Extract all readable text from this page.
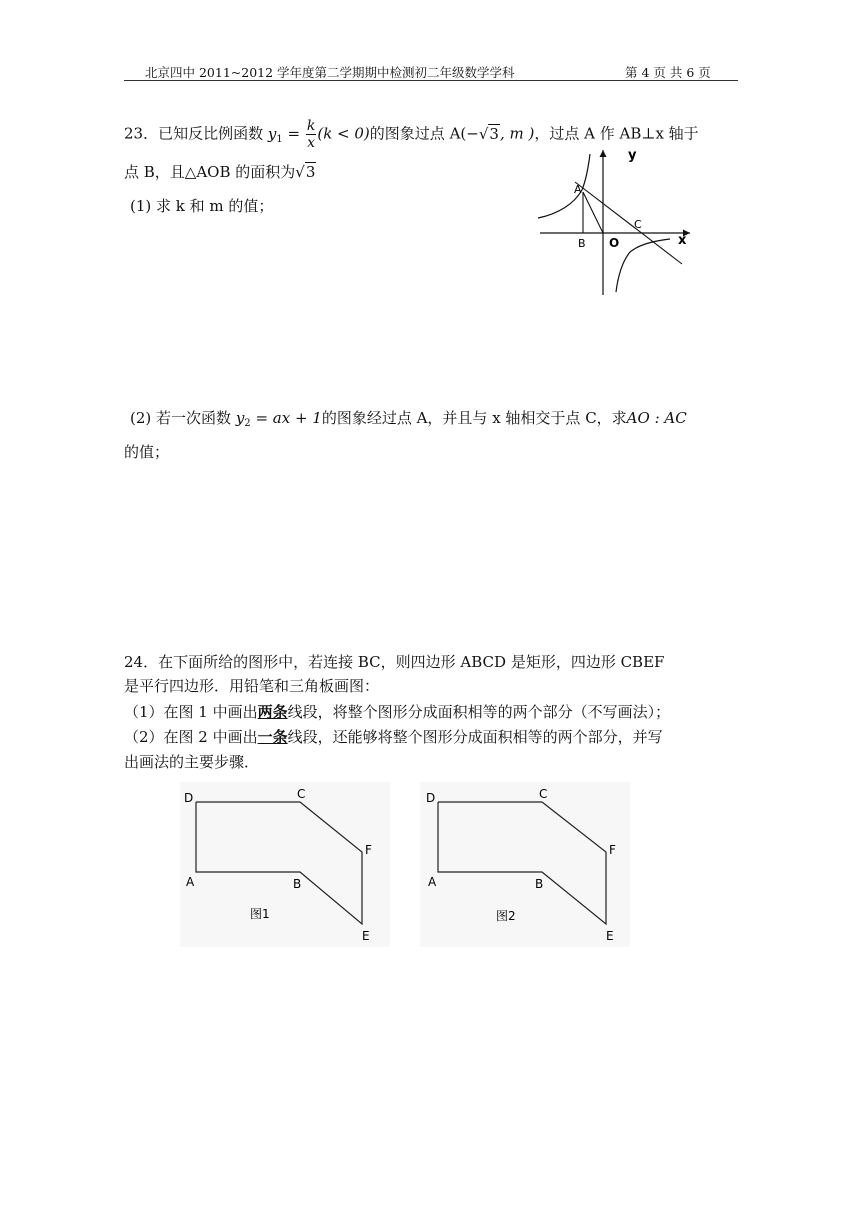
北京四中 2011~2012 学年度第二学期期中检测初二年级数学学科	第 4 页 共 6 页
23．已知反比例函数 $y_1 = \frac{k}{x} (k < 0)$的图象过点 A(−√3, m )，过点 A 作 AB⊥x 轴于
点 B，且△AOB 的面积为√3
(1) 求 k 和 m 的值；
y
x
A
B O
C
(2) 若一次函数 $y_2$ = ax + 1的图象经过点 A，并且与 x 轴相交于点 C，求AO : AC
的值；
24．在下面所给的图形中，若连接 BC，则四边形 ABCD 是矩形，四边形 CBEF
是平行四边形．用铅笔和三角板画图：
（1）在图 1 中画出两条线段，将整个图形分成面积相等的两个部分（不写画法）；
（2）在图 2 中画出一条线段，还能够将整个图形分成面积相等的两个部分，并写
出画法的主要步骤．
D	C
F
A	B
E
图1
D	C
F
A	B
E
图2
